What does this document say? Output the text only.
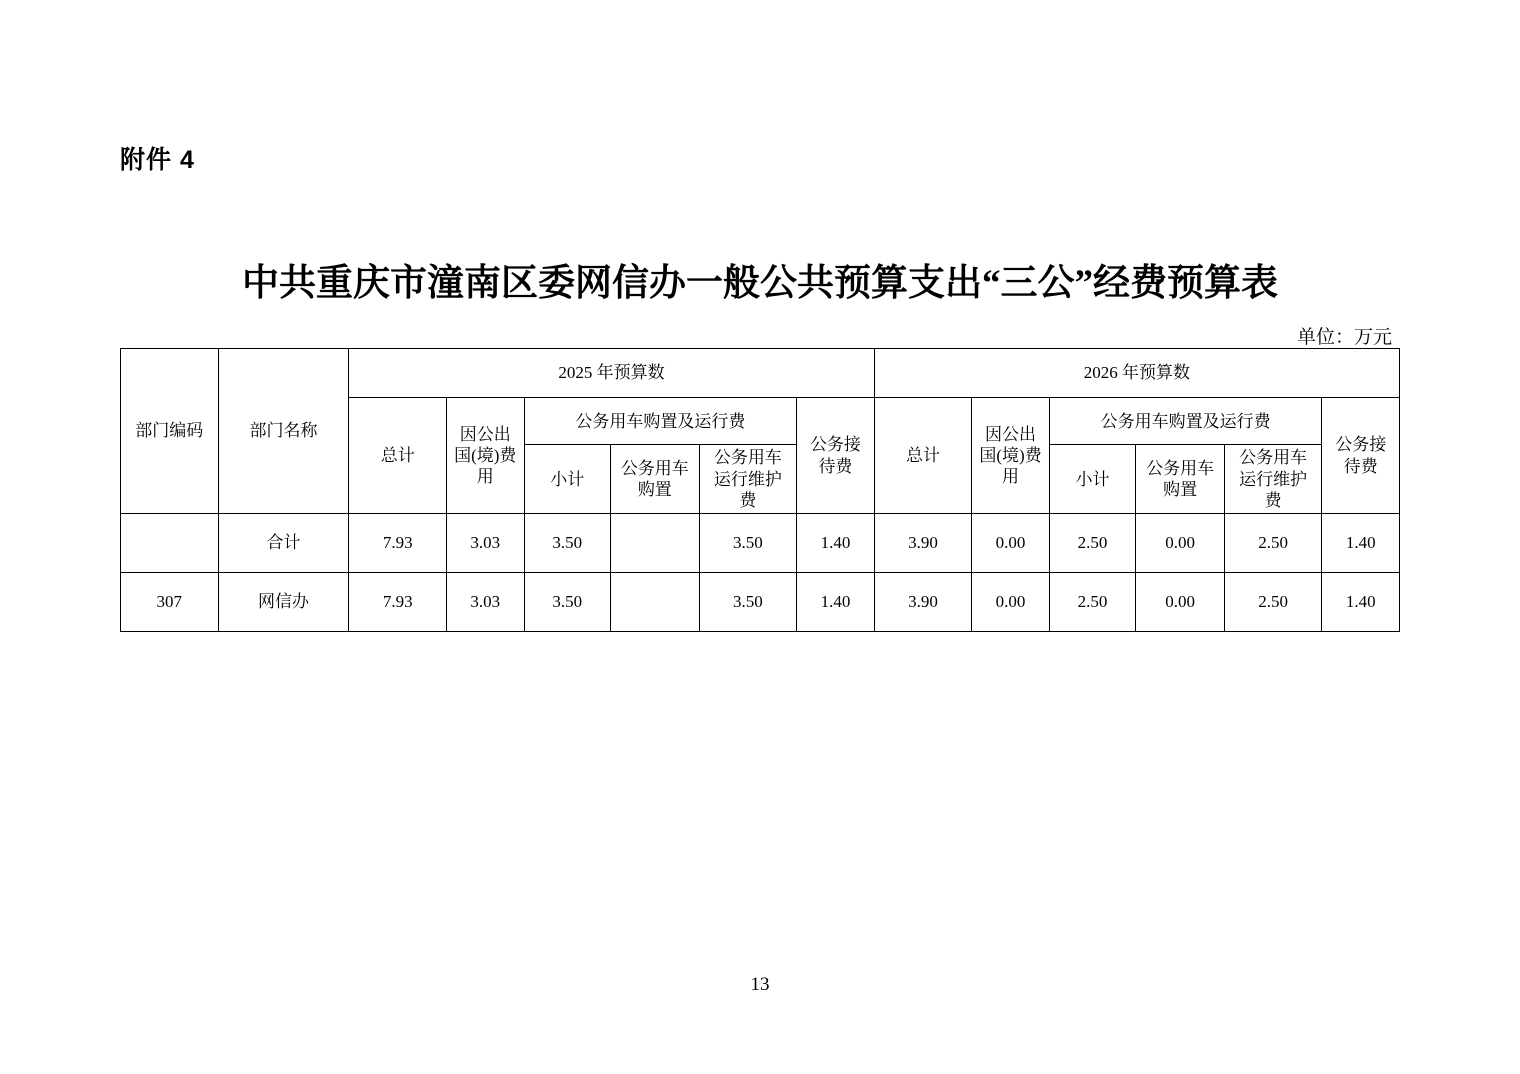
附件 4
中共重庆市潼南区委网信办一般公共预算支出“三公”经费预算表
单位：万元
部门编码	部门名称	2025 年预算数						2026 年预算数					
		总计	因公出国(境)费用	公务用车购置及运行费			公务接待费	总计	因公出国(境)费用	公务用车购置及运行费			公务接待费
				小计	公务用车购置	公务用车运行维护费				小计	公务用车购置	公务用车运行维护费	
	合计	7.93	3.03	3.50		3.50	1.40	3.90	0.00	2.50	0.00	2.50	1.40
307	网信办	7.93	3.03	3.50		3.50	1.40	3.90	0.00	2.50	0.00	2.50	1.40
13
